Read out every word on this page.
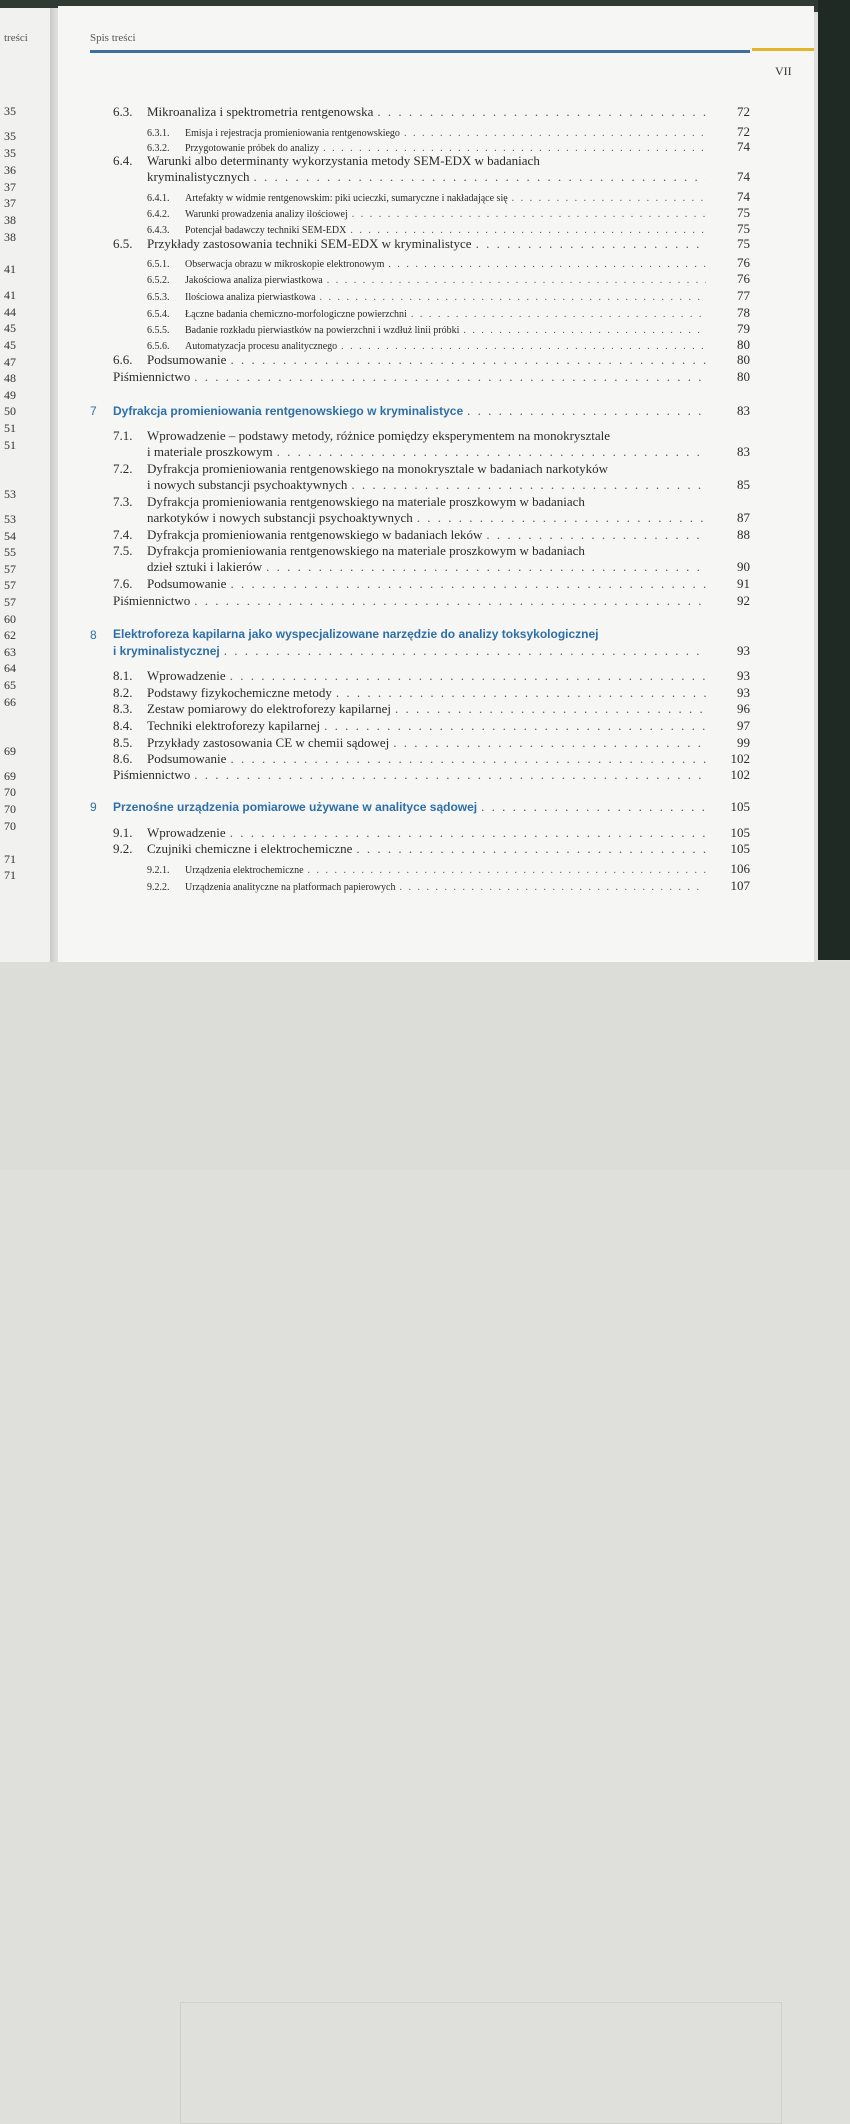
treści
35
35
35
36
37
37
38
38
41
41
44
45
45
47
48
49
50
51
51
53
53
54
55
57
57
57
60
62
63
64
65
66
69
69
70
70
70
71
71
Spis treści
VII
6.3. Mikroanaliza i spektrometria rentgenowska . . .	72
6.3.1. Emisja i rejestracja promieniowania rentgenowskiego . . .	72
6.3.2. Przygotowanie próbek do analizy . . .	74
6.4. Warunki albo determinanty wykorzystania metody SEM-EDX w badaniach
kryminalistycznych . . .	74
6.4.1. Artefakty w widmie rentgenowskim: piki ucieczki, sumaryczne i nakładające się . . .	74
6.4.2. Warunki prowadzenia analizy ilościowej . . .	75
6.4.3. Potencjał badawczy techniki SEM-EDX . . .	75
6.5. Przykłady zastosowania techniki SEM-EDX w kryminalistyce . . .	75
6.5.1. Obserwacja obrazu w mikroskopie elektronowym . . .	76
6.5.2. Jakościowa analiza pierwiastkowa . . .	76
6.5.3. Ilościowa analiza pierwiastkowa . . .	77
6.5.4. Łączne badania chemiczno-morfologiczne powierzchni . . .	78
6.5.5. Badanie rozkładu pierwiastków na powierzchni i wzdłuż linii próbki . . .	79
6.5.6. Automatyzacja procesu analitycznego . . .	80
6.6. Podsumowanie . . .	80
Piśmiennictwo . . .	80
7 Dyfrakcja promieniowania rentgenowskiego w kryminalistyce . . .	83
7.1. Wprowadzenie – podstawy metody, różnice pomiędzy eksperymentem na monokrysztale
i materiale proszkowym . . .	83
7.2. Dyfrakcja promieniowania rentgenowskiego na monokrysztale w badaniach narkotyków
i nowych substancji psychoaktywnych . . .	85
7.3. Dyfrakcja promieniowania rentgenowskiego na materiale proszkowym w badaniach
narkotyków i nowych substancji psychoaktywnych . . .	87
7.4. Dyfrakcja promieniowania rentgenowskiego w badaniach leków . . .	88
7.5. Dyfrakcja promieniowania rentgenowskiego na materiale proszkowym w badaniach
dzieł sztuki i lakierów . . .	90
7.6. Podsumowanie . . .	91
Piśmiennictwo . . .	92
8 Elektroforeza kapilarna jako wyspecjalizowane narzędzie do analizy toksykologicznej
i kryminalistycznej . . .	93
8.1. Wprowadzenie . . .	93
8.2. Podstawy fizykochemiczne metody . . .	93
8.3. Zestaw pomiarowy do elektroforezy kapilarnej . . .	96
8.4. Techniki elektroforezy kapilarnej . . .	97
8.5. Przykłady zastosowania CE w chemii sądowej . . .	99
8.6. Podsumowanie . . .	102
Piśmiennictwo . . .	102
9 Przenośne urządzenia pomiarowe używane w analityce sądowej . . .	105
9.1. Wprowadzenie . . .	105
9.2. Czujniki chemiczne i elektrochemiczne . . .	105
9.2.1. Urządzenia elektrochemiczne . . .	106
9.2.2. Urządzenia analityczne na platformach papierowych . . .	107
